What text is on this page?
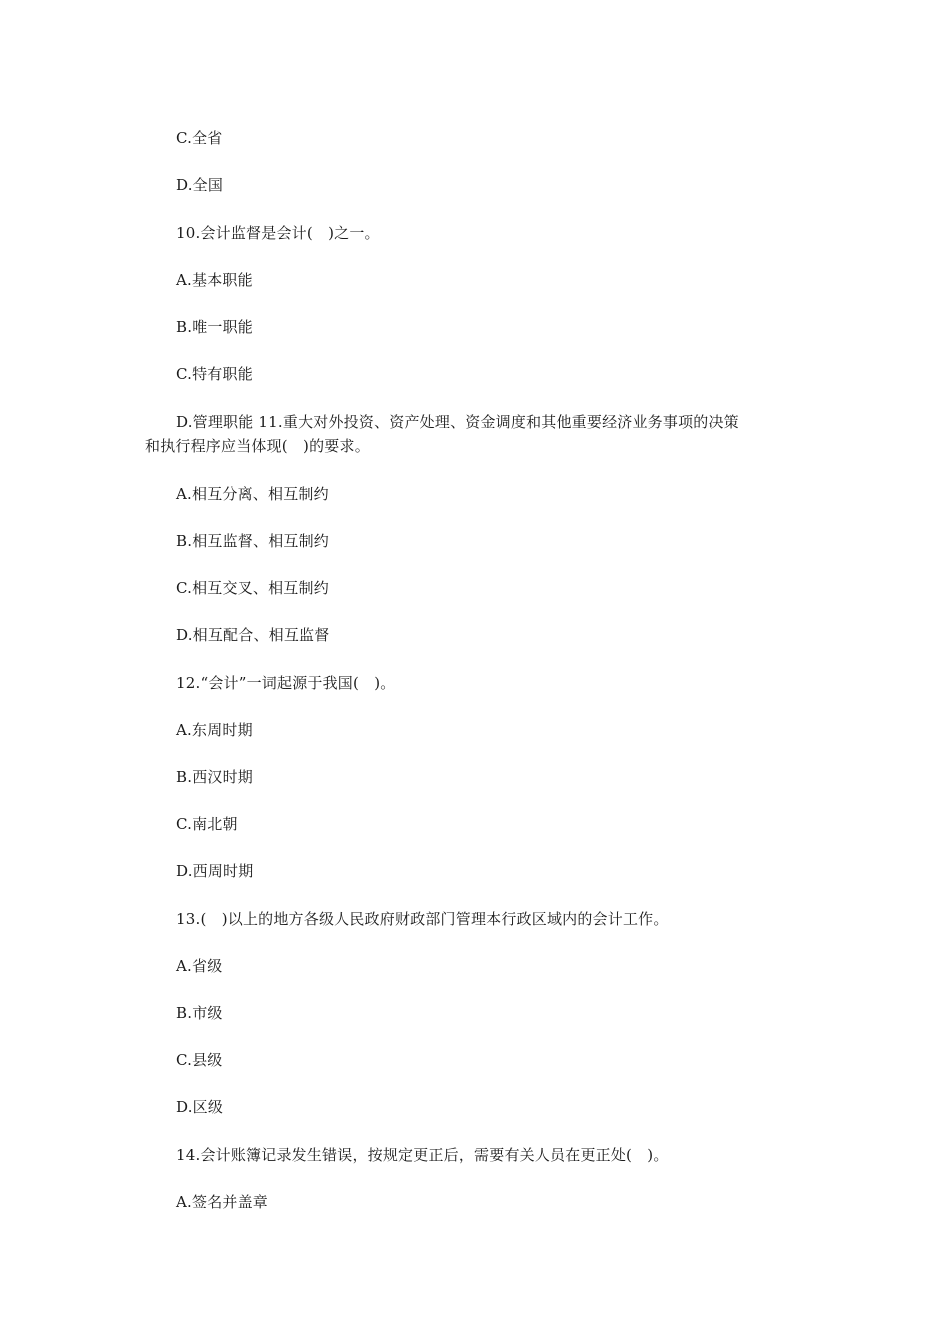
C.全省
D.全国
10.会计监督是会计(　)之一。
A.基本职能
B.唯一职能
C.特有职能
D.管理职能 11.重大对外投资、资产处理、资金调度和其他重要经济业务事项的决策
和执行程序应当体现(　)的要求。
A.相互分离、相互制约
B.相互监督、相互制约
C.相互交叉、相互制约
D.相互配合、相互监督
12.“会计”一词起源于我国(　)。
A.东周时期
B.西汉时期
C.南北朝
D.西周时期
13.(　)以上的地方各级人民政府财政部门管理本行政区域内的会计工作。
A.省级
B.市级
C.县级
D.区级
14.会计账簿记录发生错误，按规定更正后，需要有关人员在更正处(　)。
A.签名并盖章
